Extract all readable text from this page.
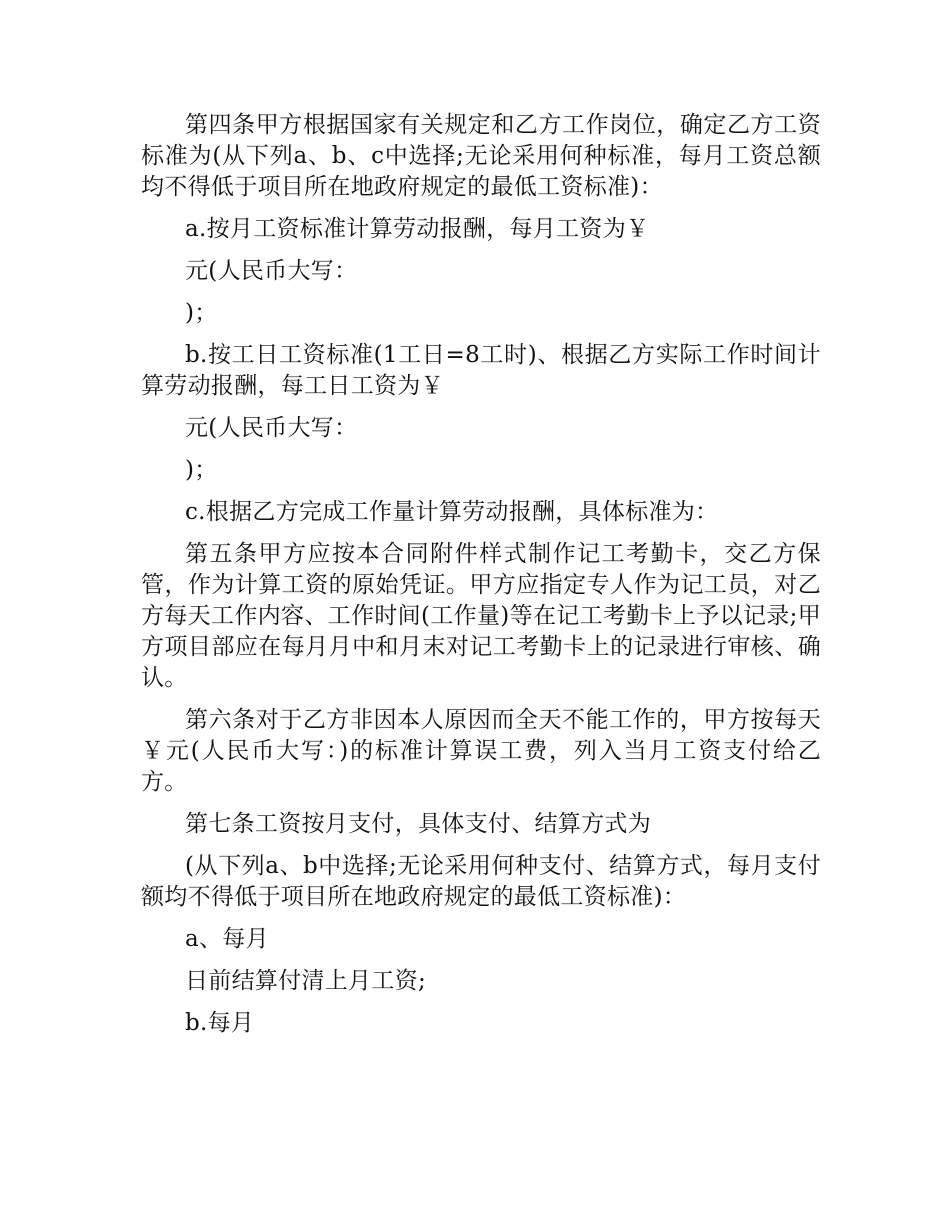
第四条甲方根据国家有关规定和乙方工作岗位，确定乙方工资标准为(从下列a、b、c中选择;无论采用何种标准，每月工资总额均不得低于项目所在地政府规定的最低工资标准)：

a.按月工资标准计算劳动报酬，每月工资为￥

元(人民币大写：

)；

b.按工日工资标准(1工日=8工时)、根据乙方实际工作时间计算劳动报酬，每工日工资为￥

元(人民币大写：

)；

c.根据乙方完成工作量计算劳动报酬，具体标准为：

第五条甲方应按本合同附件样式制作记工考勤卡，交乙方保管，作为计算工资的原始凭证。甲方应指定专人作为记工员，对乙方每天工作内容、工作时间(工作量)等在记工考勤卡上予以记录;甲方项目部应在每月月中和月末对记工考勤卡上的记录进行审核、确认。

第六条对于乙方非因本人原因而全天不能工作的，甲方按每天￥元(人民币大写：)的标准计算误工费，列入当月工资支付给乙方。

第七条工资按月支付，具体支付、结算方式为

(从下列a、b中选择;无论采用何种支付、结算方式，每月支付额均不得低于项目所在地政府规定的最低工资标准)：

a、每月

日前结算付清上月工资;

b.每月
